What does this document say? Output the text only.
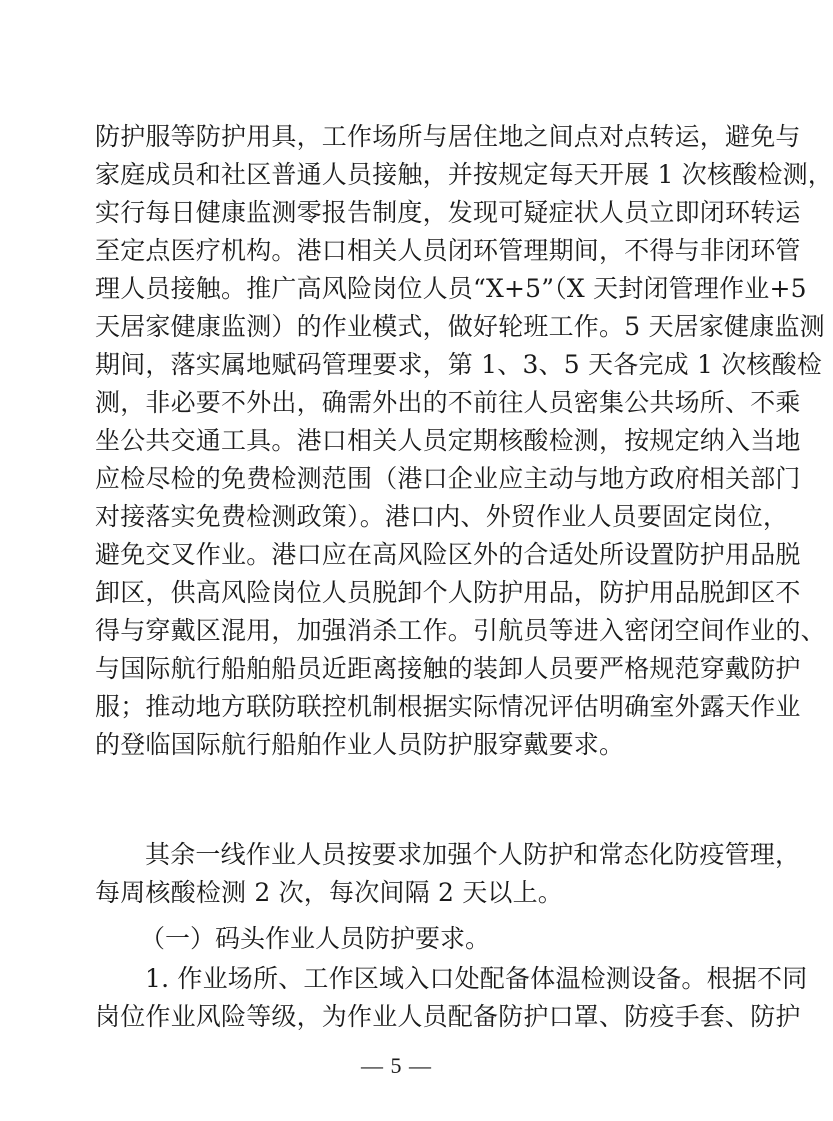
防护服等防护用具，工作场所与居住地之间点对点转运，避免与
家庭成员和社区普通人员接触，并按规定每天开展 1 次核酸检测，
实行每日健康监测零报告制度，发现可疑症状人员立即闭环转运
至定点医疗机构。港口相关人员闭环管理期间，不得与非闭环管
理人员接触。推广高风险岗位人员“X+5”（X 天封闭管理作业+5
天居家健康监测）的作业模式，做好轮班工作。5 天居家健康监测
期间，落实属地赋码管理要求，第 1、3、5 天各完成 1 次核酸检
测，非必要不外出，确需外出的不前往人员密集公共场所、不乘
坐公共交通工具。港口相关人员定期核酸检测，按规定纳入当地
应检尽检的免费检测范围（港口企业应主动与地方政府相关部门
对接落实免费检测政策）。港口内、外贸作业人员要固定岗位，
避免交叉作业。港口应在高风险区外的合适处所设置防护用品脱
卸区，供高风险岗位人员脱卸个人防护用品，防护用品脱卸区不
得与穿戴区混用，加强消杀工作。引航员等进入密闭空间作业的、
与国际航行船舶船员近距离接触的装卸人员要严格规范穿戴防护
服；推动地方联防联控机制根据实际情况评估明确室外露天作业
的登临国际航行船舶作业人员防护服穿戴要求。

其余一线作业人员按要求加强个人防护和常态化防疫管理，
每周核酸检测 2 次，每次间隔 2 天以上。

（一）码头作业人员防护要求。

1. 作业场所、工作区域入口处配备体温检测设备。根据不同
岗位作业风险等级，为作业人员配备防护口罩、防疫手套、防护

— 5 —
